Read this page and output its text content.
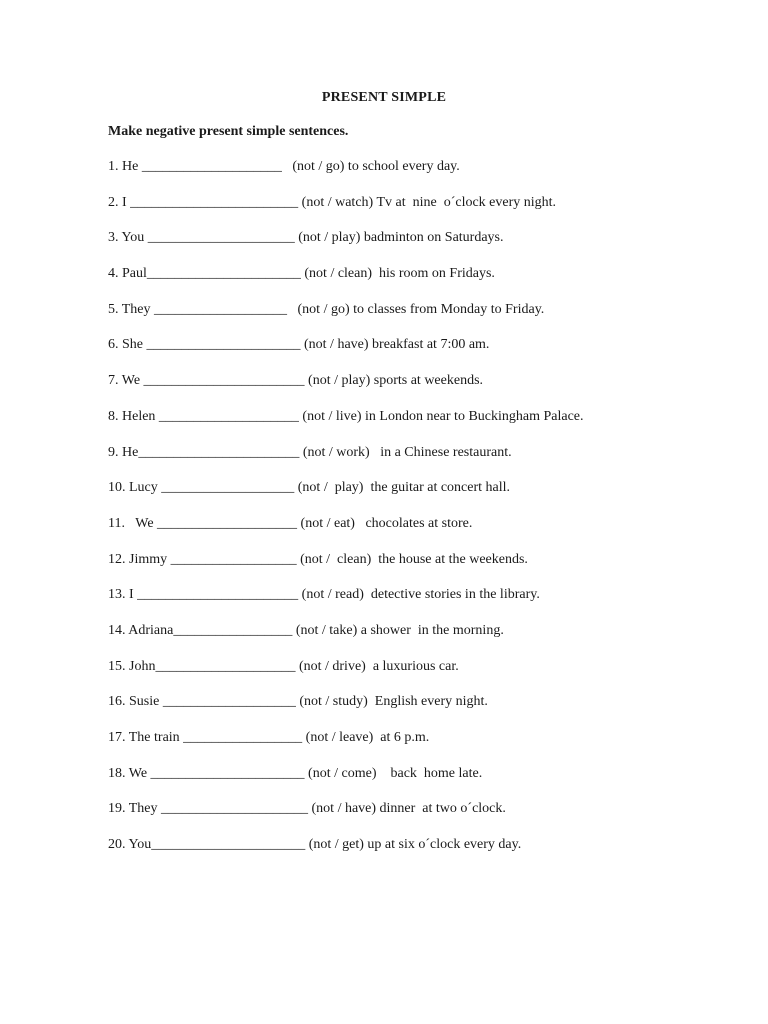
PRESENT SIMPLE
Make negative present simple sentences.
1. He ____________________   (not / go) to school every day.
2. I ________________________ (not / watch) Tv at  nine  o´clock every night.
3. You _____________________ (not / play) badminton on Saturdays.
4. Paul______________________ (not / clean)  his room on Fridays.
5. They ___________________   (not / go) to classes from Monday to Friday.
6. She ______________________ (not / have) breakfast at 7:00 am.
7. We _______________________ (not / play) sports at weekends.
8. Helen ____________________ (not / live) in London near to Buckingham Palace.
9. He_______________________ (not / work)   in a Chinese restaurant.
10. Lucy ___________________ (not /  play)  the guitar at concert hall.
11.   We ____________________ (not / eat)   chocolates at store.
12. Jimmy __________________ (not /  clean)  the house at the weekends.
13. I _______________________ (not / read)  detective stories in the library.
14. Adriana_________________ (not / take) a shower  in the morning.
15. John____________________ (not / drive)  a luxurious car.
16. Susie ___________________ (not / study)  English every night.
17. The train _________________ (not / leave)  at 6 p.m.
18. We ______________________ (not / come)    back  home late.
19. They _____________________ (not / have) dinner  at two o´clock.
20. You______________________ (not / get) up at six o´clock every day.
